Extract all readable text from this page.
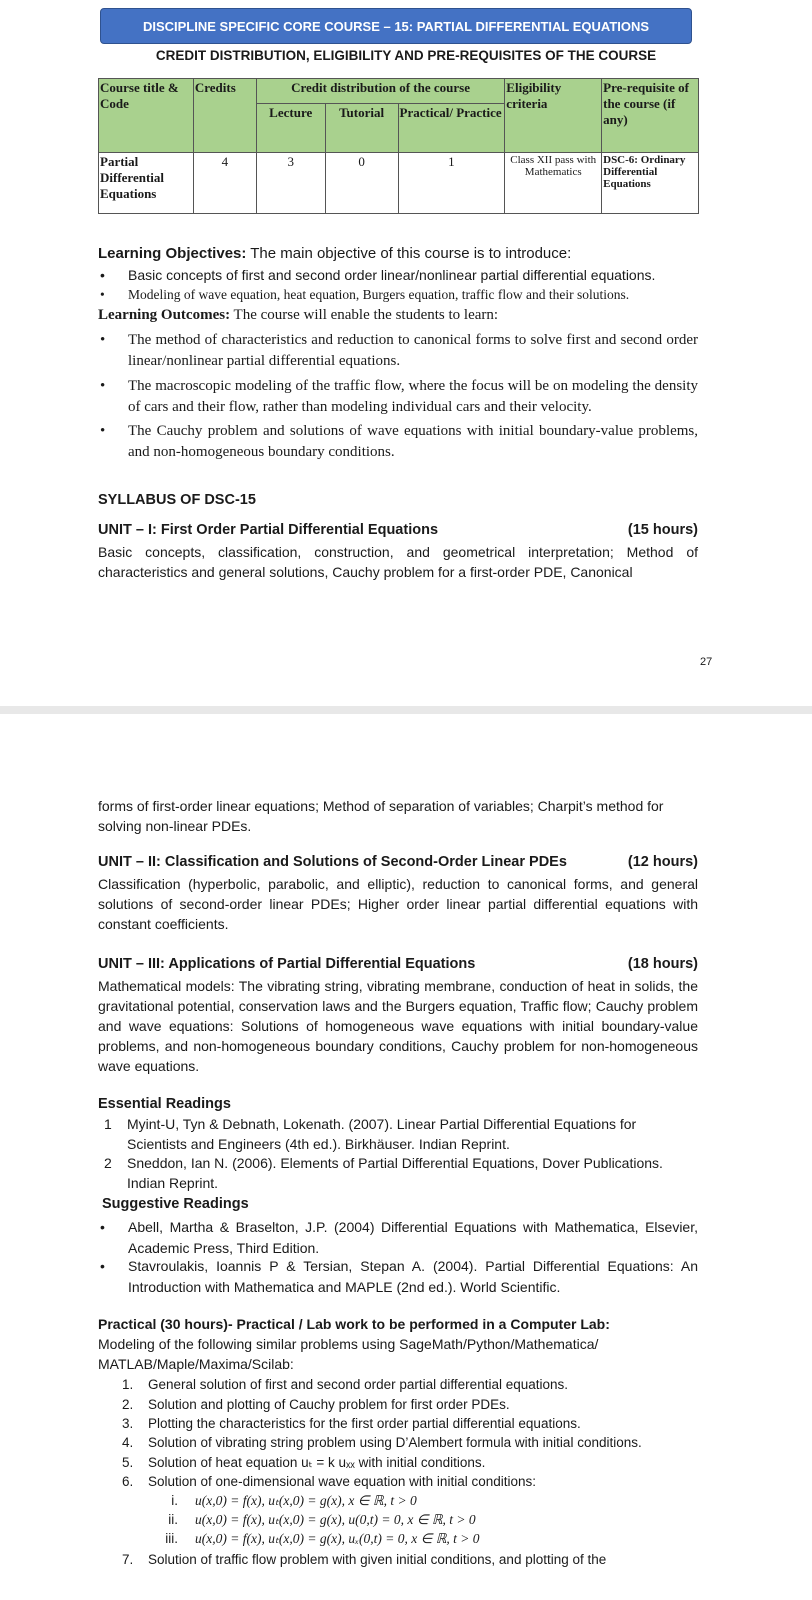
DISCIPLINE SPECIFIC CORE COURSE – 15: PARTIAL DIFFERENTIAL EQUATIONS
CREDIT DISTRIBUTION, ELIGIBILITY AND PRE-REQUISITES OF THE COURSE
Course title & Code	Credits	Credit distribution of the course			Eligibility criteria	Pre-requisite of the course (if any)
		Lecture	Tutorial	Practical/ Practice		
Partial Differential Equations	4	3	0	1	Class XII pass with Mathematics	DSC-6: Ordinary Differential Equations
Learning Objectives: The main objective of this course is to introduce:
• Basic concepts of first and second order linear/nonlinear partial differential equations.
• Modeling of wave equation, heat equation, Burgers equation, traffic flow and their solutions.
Learning Outcomes: The course will enable the students to learn:
• The method of characteristics and reduction to canonical forms to solve first and second order linear/nonlinear partial differential equations.
• The macroscopic modeling of the traffic flow, where the focus will be on modeling the density of cars and their flow, rather than modeling individual cars and their velocity.
• The Cauchy problem and solutions of wave equations with initial boundary-value problems, and non-homogeneous boundary conditions.
SYLLABUS OF DSC-15
UNIT – I: First Order Partial Differential Equations	(15 hours)
Basic concepts, classification, construction, and geometrical interpretation; Method of characteristics and general solutions, Cauchy problem for a first-order PDE, Canonical
27
forms of first-order linear equations; Method of separation of variables; Charpit’s method for solving non-linear PDEs.
UNIT – II: Classification and Solutions of Second-Order Linear PDEs	(12 hours)
Classification (hyperbolic, parabolic, and elliptic), reduction to canonical forms, and general solutions of second-order linear PDEs; Higher order linear partial differential equations with constant coefficients.
UNIT – III: Applications of Partial Differential Equations	(18 hours)
Mathematical models: The vibrating string, vibrating membrane, conduction of heat in solids, the gravitational potential, conservation laws and the Burgers equation, Traffic flow; Cauchy problem and wave equations: Solutions of homogeneous wave equations with initial boundary-value problems, and non-homogeneous boundary conditions, Cauchy problem for non-homogeneous wave equations.
Essential Readings
1 Myint-U, Tyn & Debnath, Lokenath. (2007). Linear Partial Differential Equations for Scientists and Engineers (4th ed.). Birkhäuser. Indian Reprint.
2 Sneddon, Ian N. (2006). Elements of Partial Differential Equations, Dover Publications. Indian Reprint.
Suggestive Readings
• Abell, Martha & Braselton, J.P. (2004) Differential Equations with Mathematica, Elsevier, Academic Press, Third Edition.
• Stavroulakis, Ioannis P & Tersian, Stepan A. (2004). Partial Differential Equations: An Introduction with Mathematica and MAPLE (2nd ed.). World Scientific.
Practical (30 hours)- Practical / Lab work to be performed in a Computer Lab:
Modeling of the following similar problems using SageMath/Python/Mathematica/ MATLAB/Maple/Maxima/Scilab:
1. General solution of first and second order partial differential equations.
2. Solution and plotting of Cauchy problem for first order PDEs.
3. Plotting the characteristics for the first order partial differential equations.
4. Solution of vibrating string problem using D’Alembert formula with initial conditions.
5. Solution of heat equation uₜ = k uₓₓ with initial conditions.
6. Solution of one-dimensional wave equation with initial conditions:
i. u(x,0) = f(x), uₜ(x,0) = g(x), x ∈ ℝ, t > 0
ii. u(x,0) = f(x), uₜ(x,0) = g(x), u(0,t) = 0, x ∈ ℝ, t > 0
iii. u(x,0) = f(x), uₜ(x,0) = g(x), uₓ(0,t) = 0, x ∈ ℝ, t > 0
7. Solution of traffic flow problem with given initial conditions, and plotting of the
